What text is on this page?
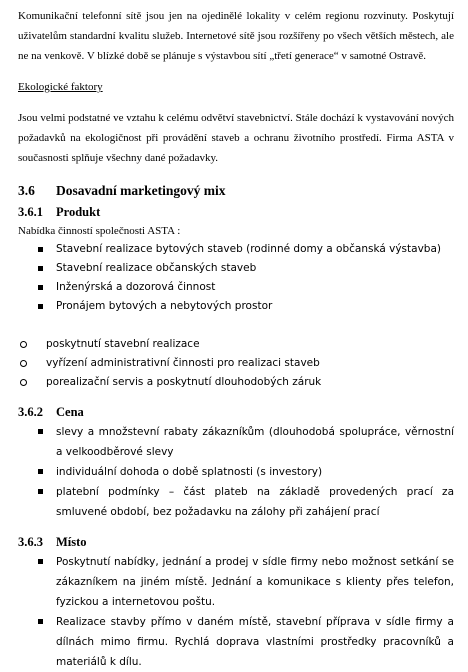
Komunikační telefonní sítě jsou jen na ojedinělé lokality v celém regionu rozvinuty. Poskytují uživatelům standardní kvalitu služeb. Internetové sítě jsou rozšířeny po všech větších městech, ale ne na venkově. V blízké době se plánuje s výstavbou sítí „třetí generace“ v samotné Ostravě.

Ekologické faktory

Jsou velmi podstatné ve vztahu k celému odvětví stavebnictví. Stále dochází k vystavování nových požadavků na ekologičnost při provádění staveb a ochranu životního prostředí. Firma ASTA v současnosti splňuje všechny dané požadavky.

3.6 Dosavadní marketingový mix
3.6.1 Produkt

Nabídka činností společnosti ASTA :

Stavební realizace bytových staveb (rodinné domy a občanská výstavba)
Stavební realizace občanských staveb
Inženýrská a dozorová činnost
Pronájem bytových a nebytových prostor
poskytnutí stavební realizace
vyřízení administrativní činnosti pro realizaci staveb
porealizační servis a poskytnutí dlouhodobých záruk
3.6.2 Cena
slevy a množstevní rabaty zákazníkům (dlouhodobá spolupráce, věrnostní a velkoodběrové slevy
individuální dohoda o době splatnosti (s investory)
platební podmínky – část plateb na základě provedených prací za smluvené období, bez požadavku na zálohy při zahájení prací
3.6.3 Místo
Poskytnutí nabídky, jednání a prodej v sídle firmy nebo možnost setkání se zákazníkem na jiném místě. Jednání a komunikace s klienty přes telefon, fyzickou a internetovou poštu.
Realizace stavby přímo v daném místě, stavební příprava v sídle firmy a dílnách mimo firmu. Rychlá doprava vlastními prostředky pracovníků a materiálů k dílu.
